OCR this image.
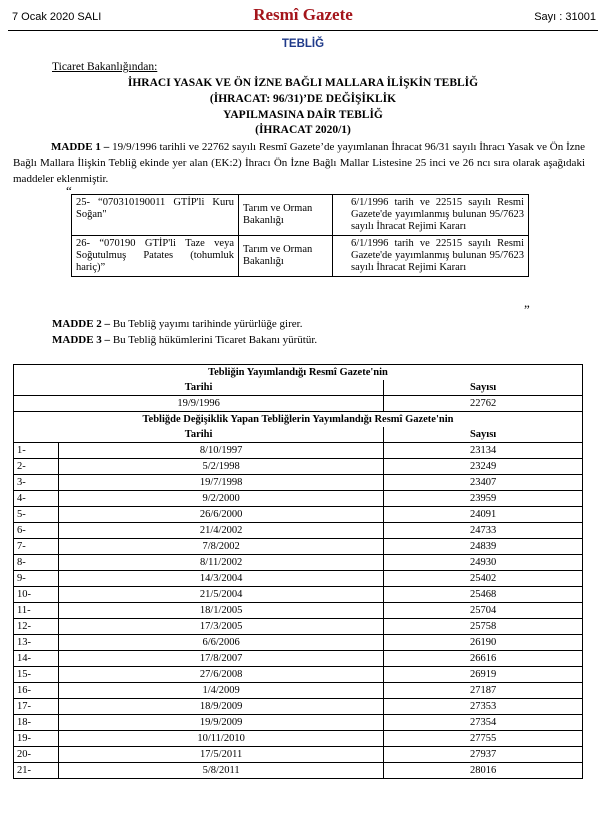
7 Ocak 2020 SALI	Resmî Gazete	Sayı : 31001
TEBLİĞ
Ticaret Bakanlığından:
İHRACI YASAK VE ÖN İZNE BAĞLI MALLARA İLİŞKİN TEBLİĞ
(İHRACAT: 96/31)’DE DEĞİŞİKLİK
YAPILMASINA DAİR TEBLİĞ
(İHRACAT 2020/1)
MADDE 1 – 19/9/1996 tarihli ve 22762 sayılı Resmî Gazete’de yayımlanan İhracat 96/31 sayılı İhracı Yasak ve Ön İzne Bağlı Mallara İlişkin Tebliğ ekinde yer alan (EK:2) İhracı Ön İzne Bağlı Mallar Listesine 25 inci ve 26 ncı sıra olarak aşağıdaki maddeler eklenmiştir.
“
25- “070310190011 GTİP'li Kuru Soğan"	Tarım ve Orman Bakanlığı	6/1/1996 tarih ve 22515 sayılı Resmi Gazete'de yayımlanmış bulunan 95/7623 sayılı İhracat Rejimi Kararı
26- “070190 GTİP'li Taze veya Soğutulmuş Patates (tohumluk hariç)”	Tarım ve Orman Bakanlığı	6/1/1996 tarih ve 22515 sayılı Resmi Gazete'de yayımlanmış bulunan 95/7623 sayılı İhracat Rejimi Kararı
”
MADDE 2 – Bu Tebliğ yayımı tarihinde yürürlüğe girer.
MADDE 3 – Bu Tebliğ hükümlerini Ticaret Bakanı yürütür.
Tebliğin Yayımlandığı Resmî Gazete'nin		
Tarihi		Sayısı
19/9/1996		22762
Tebliğde Değişiklik Yapan Tebliğlerin Yayımlandığı Resmî Gazete'nin		
Tarihi		Sayısı
1-	8/10/1997	23134
2-	5/2/1998	23249
3-	19/7/1998	23407
4-	9/2/2000	23959
5-	26/6/2000	24091
6-	21/4/2002	24733
7-	7/8/2002	24839
8-	8/11/2002	24930
9-	14/3/2004	25402
10-	21/5/2004	25468
11-	18/1/2005	25704
12-	17/3/2005	25758
13-	6/6/2006	26190
14-	17/8/2007	26616
15-	27/6/2008	26919
16-	1/4/2009	27187
17-	18/9/2009	27353
18-	19/9/2009	27354
19-	10/11/2010	27755
20-	17/5/2011	27937
21-	5/8/2011	28016
